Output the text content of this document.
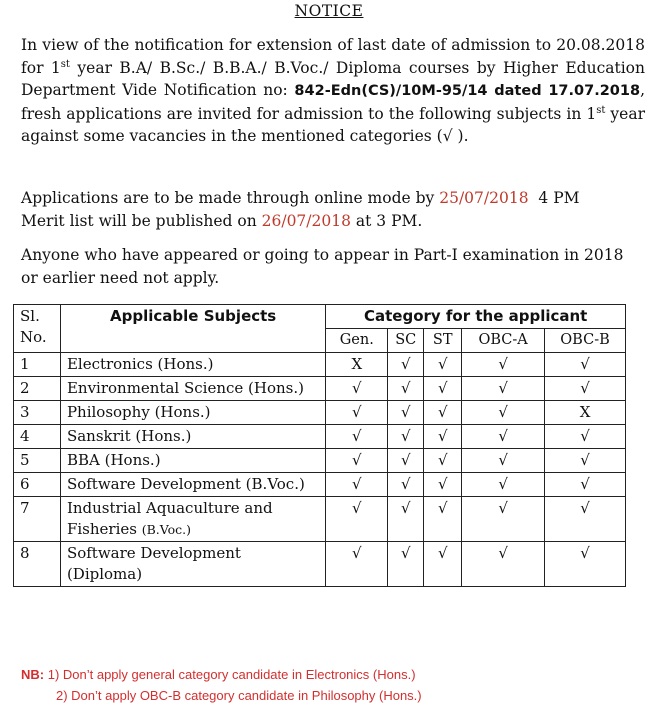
NOTICE
In view of the notification for extension of last date of admission to 20.08.2018 for 1st year B.A/ B.Sc./ B.B.A./ B.Voc./ Diploma courses by Higher Education Department Vide Notification no: 842-Edn(CS)/10M-95/14 dated 17.07.2018, fresh applications are invited for admission to the following subjects in 1st year against some vacancies in the mentioned categories (√ ).
Applications are to be made through online mode by 25/07/2018  4 PM
Merit list will be published on 26/07/2018 at 3 PM.
Anyone who have appeared or going to appear in Part-I examination in 2018 or earlier need not apply.
Sl. No.	Applicable Subjects	Category for the applicant				
		Gen.	SC	ST	OBC-A	OBC-B
1	Electronics (Hons.)	X	√	√	√	√
2	Environmental Science (Hons.)	√	√	√	√	√
3	Philosophy (Hons.)	√	√	√	√	X
4	Sanskrit (Hons.)	√	√	√	√	√
5	BBA (Hons.)	√	√	√	√	√
6	Software Development (B.Voc.)	√	√	√	√	√
7	Industrial Aquaculture and Fisheries (B.Voc.)	√	√	√	√	√
8	Software Development (Diploma)	√	√	√	√	√
NB: 1) Don’t apply general category candidate in Electronics (Hons.)
2) Don’t apply OBC-B category candidate in Philosophy (Hons.)
